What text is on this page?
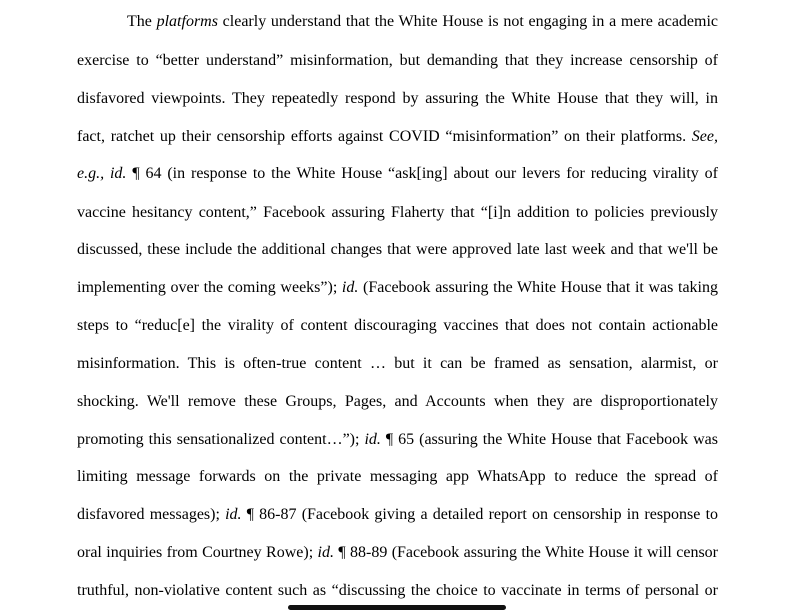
The platforms clearly understand that the White House is not engaging in a mere academic
exercise to “better understand” misinformation, but demanding that they increase censorship of
disfavored viewpoints. They repeatedly respond by assuring the White House that they will, in
fact, ratchet up their censorship efforts against COVID “misinformation” on their platforms. See,
e.g., id. ¶ 64 (in response to the White House “ask[ing] about our levers for reducing virality of
vaccine hesitancy content,” Facebook assuring Flaherty that “[i]n addition to policies previously
discussed, these include the additional changes that were approved late last week and that we'll be
implementing over the coming weeks”); id. (Facebook assuring the White House that it was taking
steps to “reduc[e] the virality of content discouraging vaccines that does not contain actionable
misinformation. This is often-true content … but it can be framed as sensation, alarmist, or
shocking. We'll remove these Groups, Pages, and Accounts when they are disproportionately
promoting this sensationalized content…”); id. ¶ 65 (assuring the White House that Facebook was
limiting message forwards on the private messaging app WhatsApp to reduce the spread of
disfavored messages); id. ¶ 86-87 (Facebook giving a detailed report on censorship in response to
oral inquiries from Courtney Rowe); id. ¶ 88-89 (Facebook assuring the White House it will censor
truthful, non-violative content such as “discussing the choice to vaccinate in terms of personal or
